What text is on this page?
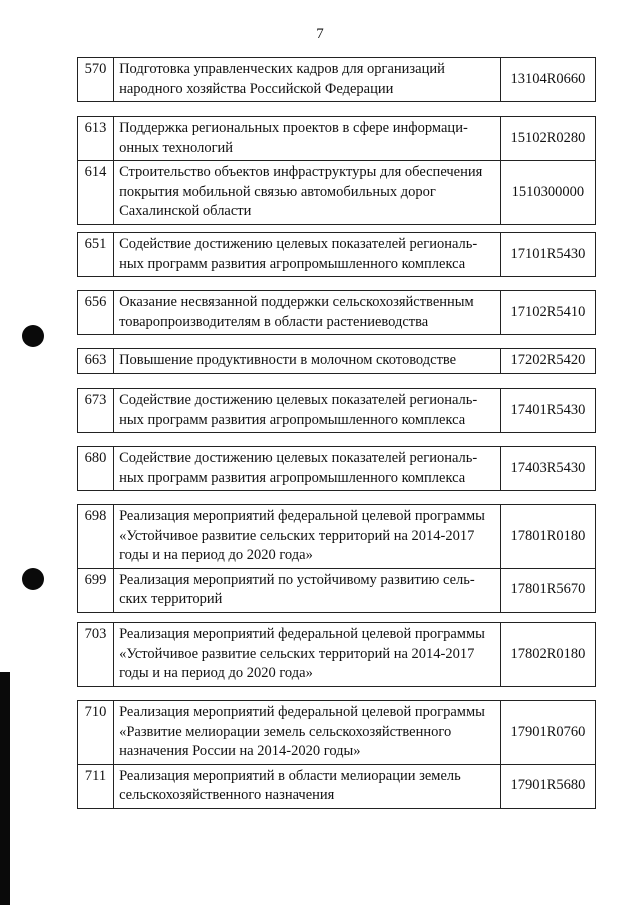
7
570	Подготовка управленческих кадров для организаций народного хозяйства Российской Федерации	13104R0660
613	Поддержка региональных проектов в сфере информационных технологий	15102R0280
614	Строительство объектов инфраструктуры для обеспечения покрытия мобильной связью автомобильных дорог Сахалинской области	1510300000
651	Содействие достижению целевых показателей региональных программ развития агропромышленного комплекса	17101R5430
656	Оказание несвязанной поддержки сельскохозяйственным товаропроизводителям в области растениеводства	17102R5410
663	Повышение продуктивности в молочном скотоводстве	17202R5420
673	Содействие достижению целевых показателей региональных программ развития агропромышленного комплекса	17401R5430
680	Содействие достижению целевых показателей региональных программ развития агропромышленного комплекса	17403R5430
698	Реализация мероприятий федеральной целевой программы «Устойчивое развитие сельских территорий на 2014-2017 годы и на период до 2020 года»	17801R0180
699	Реализация мероприятий по устойчивому развитию сельских территорий	17801R5670
703	Реализация мероприятий федеральной целевой программы «Устойчивое развитие сельских территорий на 2014-2017 годы и на период до 2020 года»	17802R0180
710	Реализация мероприятий федеральной целевой программы «Развитие мелиорации земель сельскохозяйственного назначения России на 2014-2020 годы»	17901R0760
711	Реализация мероприятий в области мелиорации земель сельскохозяйственного назначения	17901R5680
